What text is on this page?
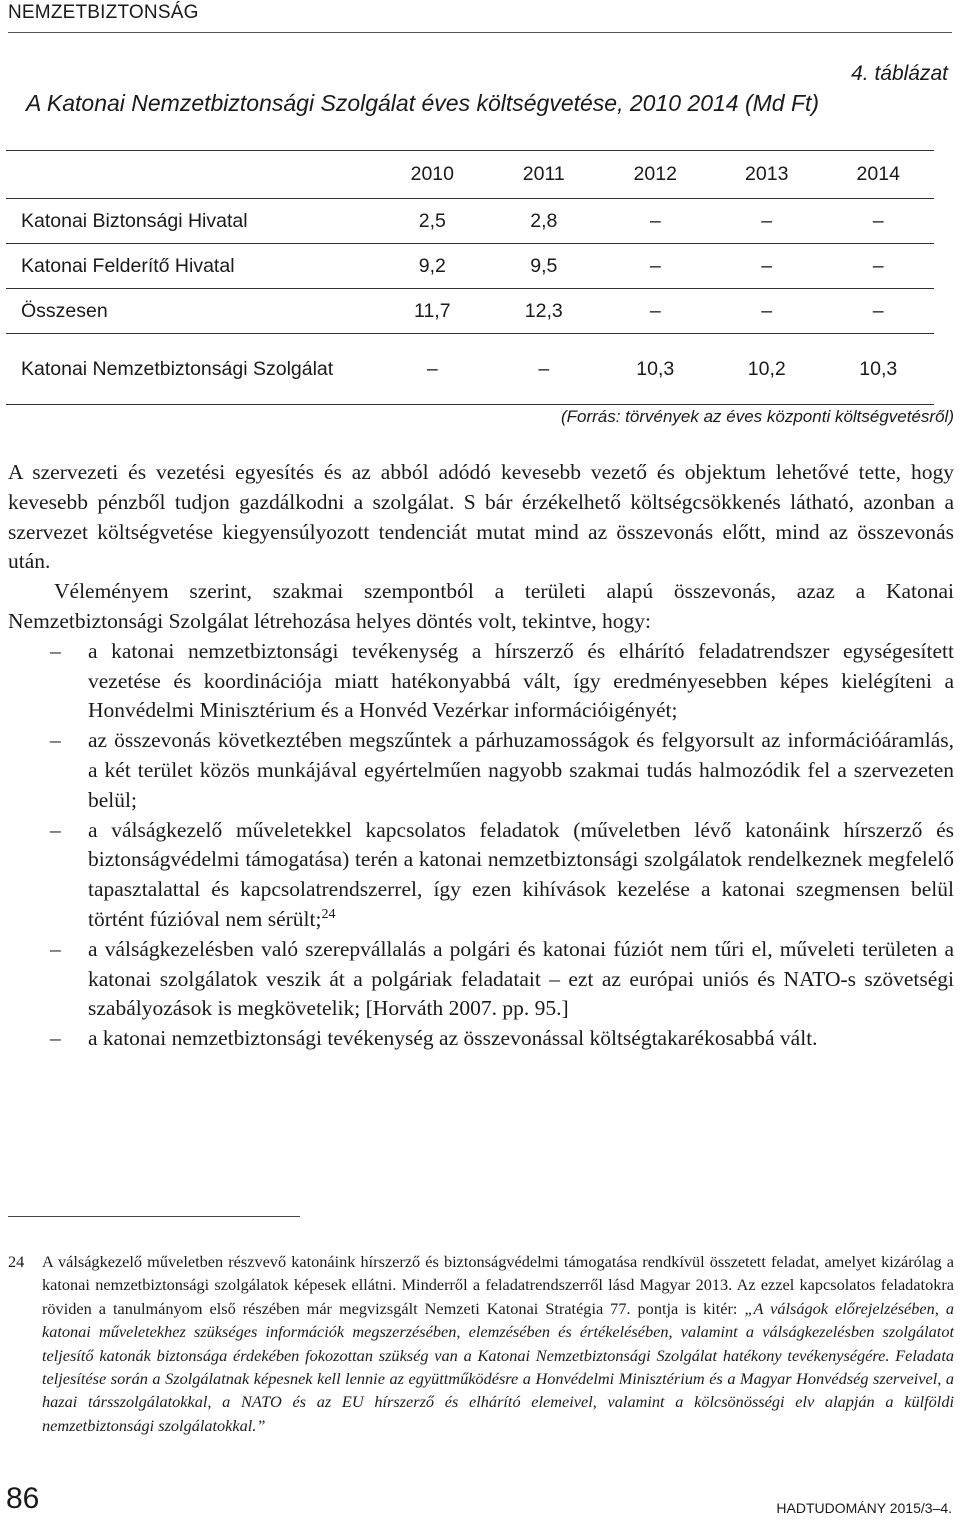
NEMZETBIZTONSÁG
4. táblázat
A Katonai Nemzetbiztonsági Szolgálat éves költségvetése, 2010 2014 (Md Ft)
	2010	2011	2012	2013	2014
Katonai Biztonsági Hivatal	2,5	2,8	–	–	–
Katonai Felderítő Hivatal	9,2	9,5	–	–	–
Összesen	11,7	12,3	–	–	–
Katonai Nemzetbiztonsági Szolgálat	–	–	10,3	10,2	10,3
(Forrás: törvények az éves központi költségvetésről)

A szervezeti és vezetési egyesítés és az abból adódó kevesebb vezető és objektum lehetővé tette, hogy kevesebb pénzből tudjon gazdálkodni a szolgálat. S bár érzékelhető költségcsökkenés látható, azonban a szervezet költségvetése kiegyensúlyozott tendenciát mutat mind az összevonás előtt, mind az összevonás után.

Véleményem szerint, szakmai szempontból a területi alapú összevonás, azaz a Katonai Nemzetbiztonsági Szolgálat létrehozása helyes döntés volt, tekintve, hogy:

– a katonai nemzetbiztonsági tevékenység a hírszerző és elhárító feladatrendszer egységesített vezetése és koordinációja miatt hatékonyabbá vált, így eredményesebben képes kielégíteni a Honvédelmi Minisztérium és a Honvéd Vezérkar információigényét;
– az összevonás következtében megszűntek a párhuzamosságok és felgyorsult az információáramlás, a két terület közös munkájával egyértelműen nagyobb szakmai tudás halmozódik fel a szervezeten belül;
– a válságkezelő műveletekkel kapcsolatos feladatok (műveletben lévő katonáink hírszerző és biztonságvédelmi támogatása) terén a katonai nemzetbiztonsági szolgálatok rendelkeznek megfelelő tapasztalattal és kapcsolatrendszerrel, így ezen kihívások kezelése a katonai szegmensen belül történt fúzióval nem sérült;$^{24}$
– a válságkezelésben való szerepvállalás a polgári és katonai fúziót nem tűri el, műveleti területen a katonai szolgálatok veszik át a polgáriak feladatait – ezt az európai uniós és NATO-s szövetségi szabályozások is megkövetelik; [Horváth 2007. pp. 95.]
– a katonai nemzetbiztonsági tevékenység az összevonással költségtakarékosabbá vált.
24 A válságkezelő műveletben részvevő katonáink hírszerző és biztonságvédelmi támogatása rendkívül összetett feladat, amelyet kizárólag a katonai nemzetbiztonsági szolgálatok képesek ellátni. Minderről a feladatrendszerről lásd Magyar 2013. Az ezzel kapcsolatos feladatokra röviden a tanulmányom első részében már megvizsgált Nemzeti Katonai Stratégia 77. pontja is kitér: „A válságok előrejelzésében, a katonai műveletekhez szükséges információk megszerzésében, elemzésében és értékelésében, valamint a válságkezelésben szolgálatot teljesítő katonák biztonsága érdekében fokozottan szükség van a Katonai Nemzetbiztonsági Szolgálat hatékony tevékenységére. Feladata teljesítése során a Szolgálatnak képesnek kell lennie az együttműködésre a Honvédelmi Minisztérium és a Magyar Honvédség szerveivel, a hazai társszolgálatokkal, a NATO és az EU hírszerző és elhárító elemeivel, valamint a kölcsönösségi elv alapján a külföldi nemzetbiztonsági szolgálatokkal.”
86	HADTUDOMÁNY 2015/3–4.
